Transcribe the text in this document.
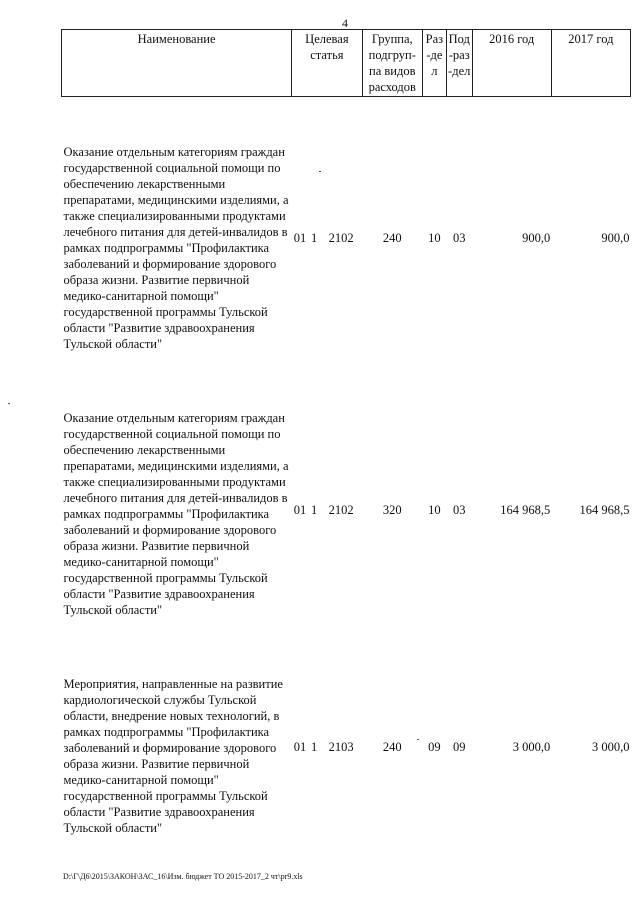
4
Наименование	Целевая статья			Группа, подгруп-па видов расходов	Раз-дел	Под-раз-дел	2016 год	2017 год
Оказание отдельным категориям граждан государственной социальной помощи по обеспечению лекарственными препаратами, медицинскими изделиями, а также специализированными продуктами лечебного питания для детей-инвалидов в рамках подпрограммы "Профилактика заболеваний и формирование здорового образа жизни. Развитие первичной медико-санитарной помощи" государственной программы Тульской области "Развитие здравоохранения Тульской области"	01	1	2102	240	10	03	900,0	900,0
Оказание отдельным категориям граждан государственной социальной помощи по обеспечению лекарственными препаратами, медицинскими изделиями, а также специализированными продуктами лечебного питания для детей-инвалидов в рамках подпрограммы "Профилактика заболеваний и формирование здорового образа жизни. Развитие первичной медико-санитарной помощи" государственной программы Тульской области "Развитие здравоохранения Тульской области"	01	1	2102	320	10	03	164 968,5	164 968,5
Мероприятия, направленные на развитие кардиологической службы Тульской области, внедрение новых технологий, в рамках подпрограммы "Профилактика заболеваний и формирование здорового образа жизни. Развитие первичной медико-санитарной помощи" государственной программы Тульской области "Развитие здравоохранения Тульской области"	01	1	2103	240	09	09	3 000,0	3 000,0
D:\Г\Д6\2015\ЗАКОН\ЗАС_16\Изм. бюджет ТО 2015-2017_2 чт\pr9.xls
